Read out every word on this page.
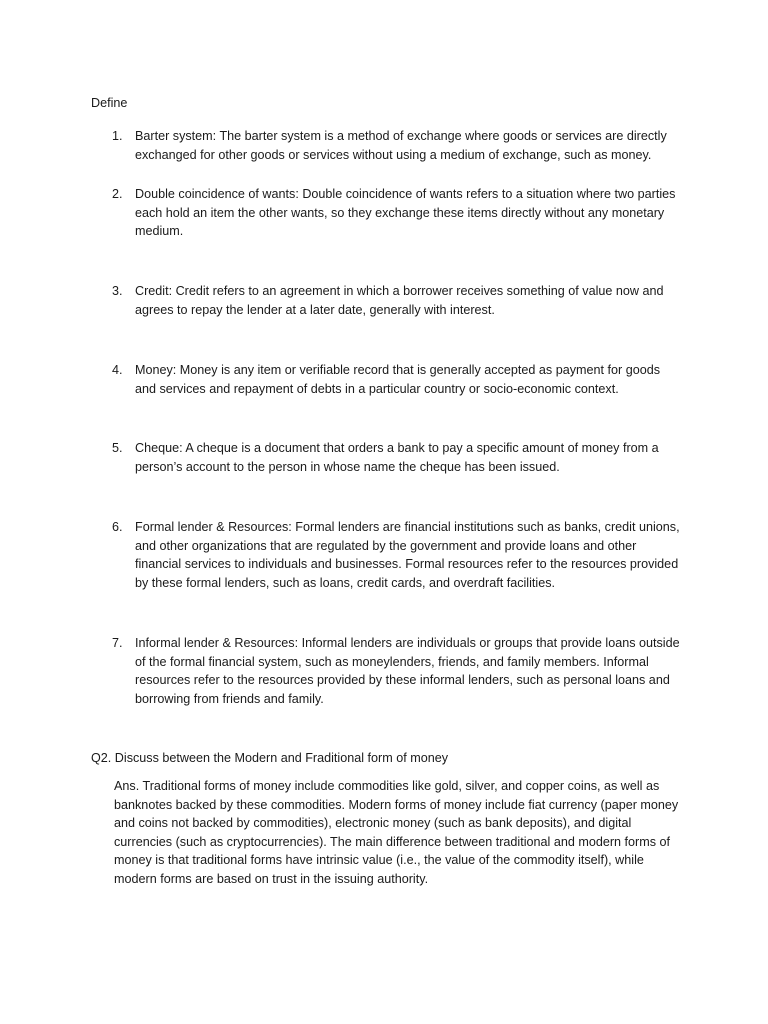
Define

1. Barter system: The barter system is a method of exchange where goods or services are directly exchanged for other goods or services without using a medium of exchange, such as money.
2. Double coincidence of wants: Double coincidence of wants refers to a situation where two parties each hold an item the other wants, so they exchange these items directly without any monetary medium.
3. Credit: Credit refers to an agreement in which a borrower receives something of value now and agrees to repay the lender at a later date, generally with interest.
4. Money: Money is any item or verifiable record that is generally accepted as payment for goods and services and repayment of debts in a particular country or socio-economic context.
5. Cheque: A cheque is a document that orders a bank to pay a specific amount of money from a person’s account to the person in whose name the cheque has been issued.
6. Formal lender & Resources: Formal lenders are financial institutions such as banks, credit unions, and other organizations that are regulated by the government and provide loans and other financial services to individuals and businesses. Formal resources refer to the resources provided by these formal lenders, such as loans, credit cards, and overdraft facilities.
7. Informal lender & Resources: Informal lenders are individuals or groups that provide loans outside of the formal financial system, such as moneylenders, friends, and family members. Informal resources refer to the resources provided by these informal lenders, such as personal loans and borrowing from friends and family.
Q2. Discuss between the Modern and Fraditional form of money
Ans. Traditional forms of money include commodities like gold, silver, and copper coins, as well as banknotes backed by these commodities. Modern forms of money include fiat currency (paper money and coins not backed by commodities), electronic money (such as bank deposits), and digital currencies (such as cryptocurrencies). The main difference between traditional and modern forms of money is that traditional forms have intrinsic value (i.e., the value of the commodity itself), while modern forms are based on trust in the issuing authority.
